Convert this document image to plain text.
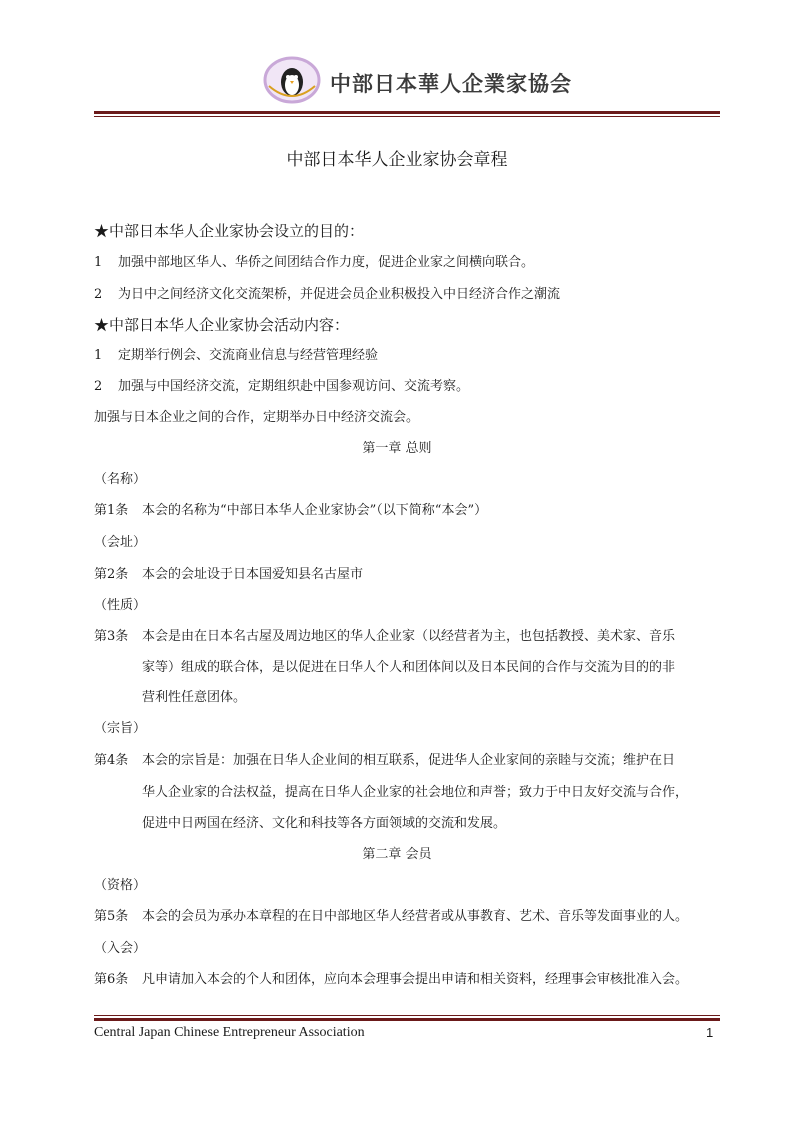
中部日本華人企業家協会
中部日本华人企业家协会章程
★中部日本华人企业家协会设立的目的：
1 加强中部地区华人、华侨之间团结合作力度，促进企业家之间横向联合。
2 为日中之间经济文化交流架桥，并促进会员企业积极投入中日经济合作之潮流
★中部日本华人企业家协会活动内容：
1 定期举行例会、交流商业信息与经营管理经验
2 加强与中国经济交流，定期组织赴中国参观访问、交流考察。
加强与日本企业之间的合作，定期举办日中经济交流会。
第一章 总则
（名称）
第1条 本会的名称为“中部日本华人企业家协会”（以下简称“本会”）
（会址）
第2条 本会的会址设于日本国爱知县名古屋市
（性质）
第3条 本会是由在日本名古屋及周边地区的华人企业家（以经营者为主，也包括教授、美术家、音乐
家等）组成的联合体，是以促进在日华人个人和团体间以及日本民间的合作与交流为目的的非
营利性任意团体。
（宗旨）
第4条 本会的宗旨是：加强在日华人企业间的相互联系，促进华人企业家间的亲睦与交流；维护在日
华人企业家的合法权益，提高在日华人企业家的社会地位和声誉；致力于中日友好交流与合作，
促进中日两国在经济、文化和科技等各方面领域的交流和发展。
第二章 会员
（资格）
第5条 本会的会员为承办本章程的在日中部地区华人经营者或从事教育、艺术、音乐等发面事业的人。
（入会）
第6条 凡申请加入本会的个人和团体，应向本会理事会提出申请和相关资料，经理事会审核批准入会。
Central Japan Chinese Entrepreneur Association	1
